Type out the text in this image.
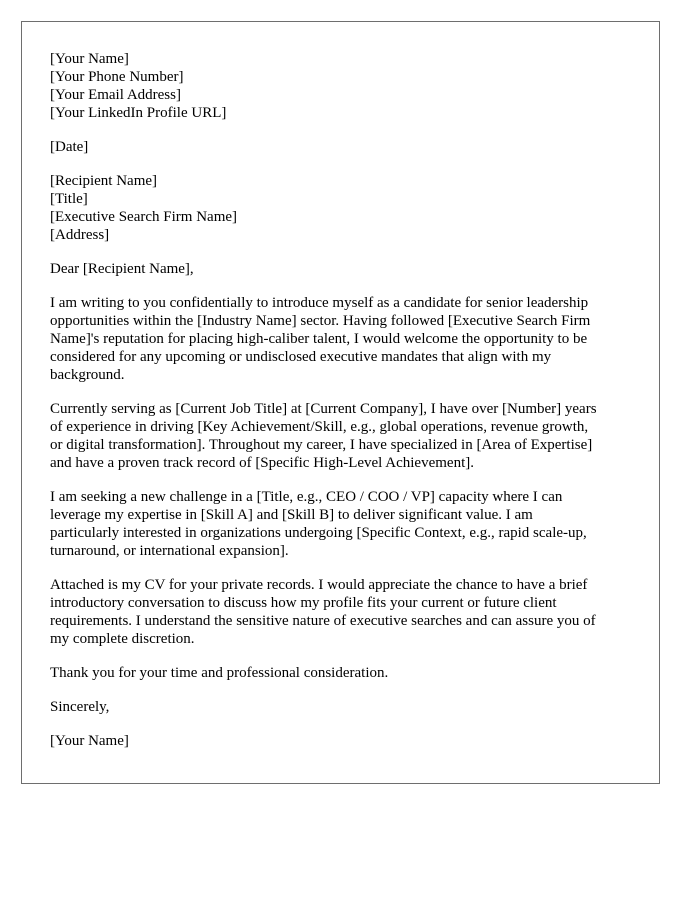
[Your Name]
[Your Phone Number]
[Your Email Address]
[Your LinkedIn Profile URL]
[Date]
[Recipient Name]
[Title]
[Executive Search Firm Name]
[Address]
Dear [Recipient Name],
I am writing to you confidentially to introduce myself as a candidate for senior leadership
opportunities within the [Industry Name] sector. Having followed [Executive Search Firm
Name]'s reputation for placing high-caliber talent, I would welcome the opportunity to be
considered for any upcoming or undisclosed executive mandates that align with my
background.
Currently serving as [Current Job Title] at [Current Company], I have over [Number] years
of experience in driving [Key Achievement/Skill, e.g., global operations, revenue growth,
or digital transformation]. Throughout my career, I have specialized in [Area of Expertise]
and have a proven track record of [Specific High-Level Achievement].
I am seeking a new challenge in a [Title, e.g., CEO / COO / VP] capacity where I can
leverage my expertise in [Skill A] and [Skill B] to deliver significant value. I am
particularly interested in organizations undergoing [Specific Context, e.g., rapid scale-up,
turnaround, or international expansion].
Attached is my CV for your private records. I would appreciate the chance to have a brief
introductory conversation to discuss how my profile fits your current or future client
requirements. I understand the sensitive nature of executive searches and can assure you of
my complete discretion.
Thank you for your time and professional consideration.
Sincerely,
[Your Name]
